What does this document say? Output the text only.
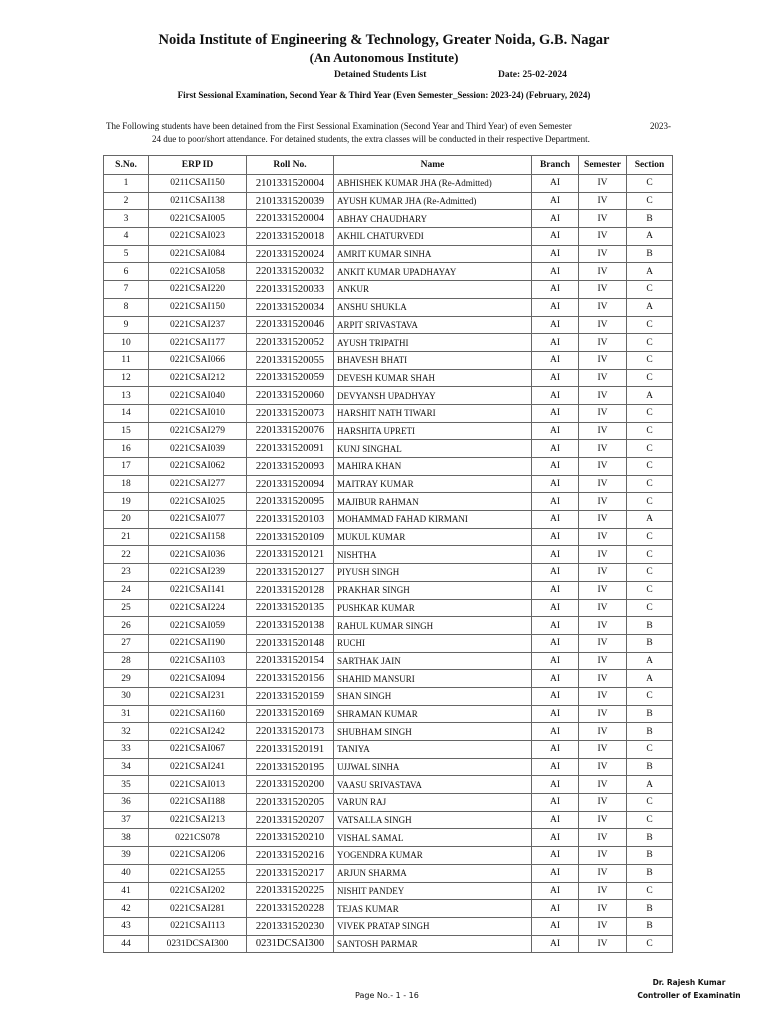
Noida Institute of Engineering & Technology, Greater Noida, G.B. Nagar
(An Autonomous Institute)
Detained Students List	Date: 25-02-2024
First Sessional Examination, Second Year & Third Year (Even Semester_Session: 2023-24) (February, 2024)
The Following students have been detained from the First Sessional Examination (Second Year and Third Year) of even Semester	2023-
24 due to poor/short attendance. For detained students, the extra classes will be conducted in their respective Department.
S.No.	ERP ID	Roll No.	Name	Branch	Semester	Section
1	0211CSAI150	2101331520004	ABHISHEK KUMAR JHA (Re-Admitted)	AI	IV	C
2	0211CSAI138	2101331520039	AYUSH KUMAR JHA (Re-Admitted)	AI	IV	C
3	0221CSAI005	2201331520004	ABHAY CHAUDHARY	AI	IV	B
4	0221CSAI023	2201331520018	AKHIL CHATURVEDI	AI	IV	A
5	0221CSAI084	2201331520024	AMRIT KUMAR SINHA	AI	IV	B
6	0221CSAI058	2201331520032	ANKIT KUMAR UPADHAYAY	AI	IV	A
7	0221CSAI220	2201331520033	ANKUR	AI	IV	C
8	0221CSAI150	2201331520034	ANSHU SHUKLA	AI	IV	A
9	0221CSAI237	2201331520046	ARPIT SRIVASTAVA	AI	IV	C
10	0221CSAI177	2201331520052	AYUSH TRIPATHI	AI	IV	C
11	0221CSAI066	2201331520055	BHAVESH BHATI	AI	IV	C
12	0221CSAI212	2201331520059	DEVESH KUMAR SHAH	AI	IV	C
13	0221CSAI040	2201331520060	DEVYANSH UPADHYAY	AI	IV	A
14	0221CSAI010	2201331520073	HARSHIT NATH TIWARI	AI	IV	C
15	0221CSAI279	2201331520076	HARSHITA UPRETI	AI	IV	C
16	0221CSAI039	2201331520091	KUNJ SINGHAL	AI	IV	C
17	0221CSAI062	2201331520093	MAHIRA KHAN	AI	IV	C
18	0221CSAI277	2201331520094	MAITRAY KUMAR	AI	IV	C
19	0221CSAI025	2201331520095	MAJIBUR RAHMAN	AI	IV	C
20	0221CSAI077	2201331520103	MOHAMMAD FAHAD KIRMANI	AI	IV	A
21	0221CSAI158	2201331520109	MUKUL KUMAR	AI	IV	C
22	0221CSAI036	2201331520121	NISHTHA	AI	IV	C
23	0221CSAI239	2201331520127	PIYUSH SINGH	AI	IV	C
24	0221CSAI141	2201331520128	PRAKHAR SINGH	AI	IV	C
25	0221CSAI224	2201331520135	PUSHKAR KUMAR	AI	IV	C
26	0221CSAI059	2201331520138	RAHUL KUMAR SINGH	AI	IV	B
27	0221CSAI190	2201331520148	RUCHI	AI	IV	B
28	0221CSAI103	2201331520154	SARTHAK JAIN	AI	IV	A
29	0221CSAI094	2201331520156	SHAHID MANSURI	AI	IV	A
30	0221CSAI231	2201331520159	SHAN SINGH	AI	IV	C
31	0221CSAI160	2201331520169	SHRAMAN KUMAR	AI	IV	B
32	0221CSAI242	2201331520173	SHUBHAM SINGH	AI	IV	B
33	0221CSAI067	2201331520191	TANIYA	AI	IV	C
34	0221CSAI241	2201331520195	UJJWAL SINHA	AI	IV	B
35	0221CSAI013	2201331520200	VAASU SRIVASTAVA	AI	IV	A
36	0221CSAI188	2201331520205	VARUN RAJ	AI	IV	C
37	0221CSAI213	2201331520207	VATSALLA SINGH	AI	IV	C
38	0221CS078	2201331520210	VISHAL SAMAL	AI	IV	B
39	0221CSAI206	2201331520216	YOGENDRA KUMAR	AI	IV	B
40	0221CSAI255	2201331520217	ARJUN SHARMA	AI	IV	B
41	0221CSAI202	2201331520225	NISHIT PANDEY	AI	IV	C
42	0221CSAI281	2201331520228	TEJAS KUMAR	AI	IV	B
43	0221CSAI113	2201331520230	VIVEK PRATAP SINGH	AI	IV	B
44	0231DCSAI300	0231DCSAI300	SANTOSH PARMAR	AI	IV	C
Page No.- 1 - 16
Dr. Rajesh Kumar
Controller of Examinatin
